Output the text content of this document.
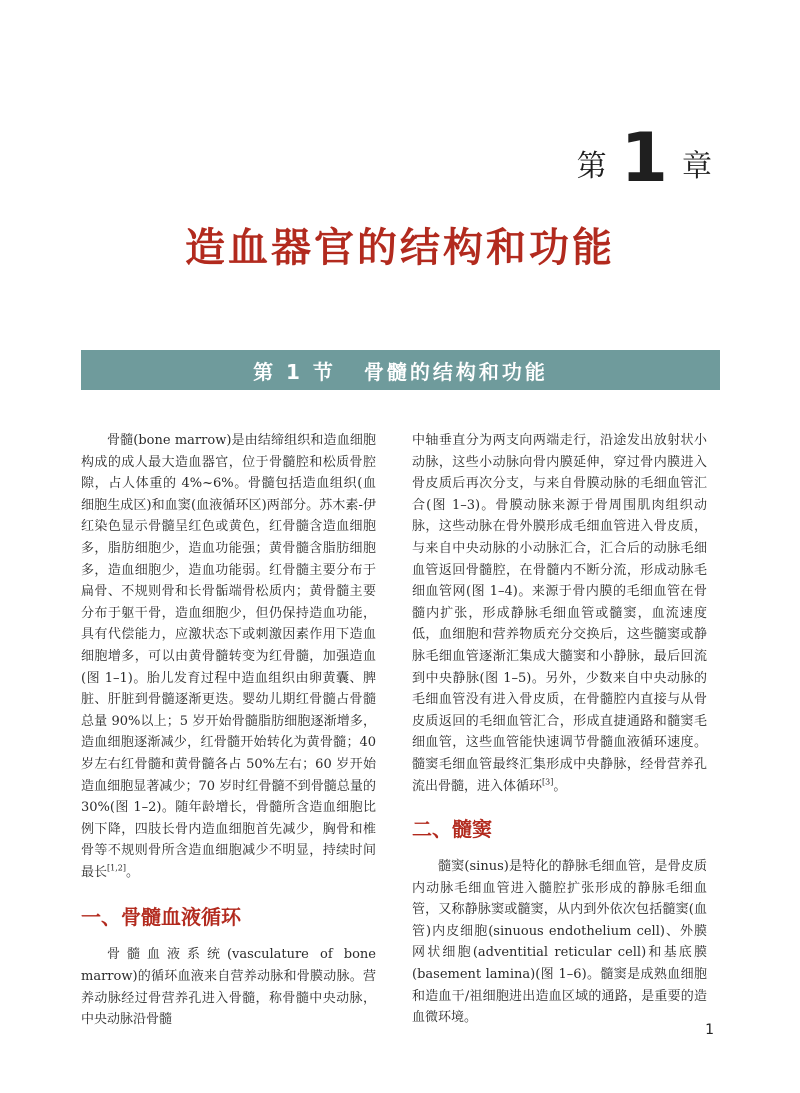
第 1 章
造血器官的结构和功能
第 1 节 骨髓的结构和功能

骨髓(bone marrow)是由结缔组织和造血细胞构成的成人最大造血器官，位于骨髓腔和松质骨腔隙，占人体重的 4%~6%。骨髓包括造血组织(血细胞生成区)和血窦(血液循环区)两部分。苏木素-伊红染色显示骨髓呈红色或黄色，红骨髓含造血细胞多，脂肪细胞少，造血功能强；黄骨髓含脂肪细胞多，造血细胞少，造血功能弱。红骨髓主要分布于扁骨、不规则骨和长骨骺端骨松质内；黄骨髓主要分布于躯干骨，造血细胞少，但仍保持造血功能，具有代偿能力，应激状态下或刺激因素作用下造血细胞增多，可以由黄骨髓转变为红骨髓，加强造血(图 1–1)。胎儿发育过程中造血组织由卵黄囊、脾脏、肝脏到骨髓逐渐更迭。婴幼儿期红骨髓占骨髓总量 90%以上；5 岁开始骨髓脂肪细胞逐渐增多，造血细胞逐渐减少，红骨髓开始转化为黄骨髓；40 岁左右红骨髓和黄骨髓各占 50%左右；60 岁开始造血细胞显著减少；70 岁时红骨髓不到骨髓总量的 30%(图 1–2)。随年龄增长，骨髓所含造血细胞比例下降，四肢长骨内造血细胞首先减少，胸骨和椎骨等不规则骨所含造血细胞减少不明显，持续时间最长[1,2]。

一、骨髓血液循环

骨髓血液系统(vasculature of bone marrow)的循环血液来自营养动脉和骨膜动脉。营养动脉经过骨营养孔进入骨髓，称骨髓中央动脉，中央动脉沿骨髓

中轴垂直分为两支向两端走行，沿途发出放射状小动脉，这些小动脉向骨内膜延伸，穿过骨内膜进入骨皮质后再次分支，与来自骨膜动脉的毛细血管汇合(图 1–3)。骨膜动脉来源于骨周围肌肉组织动脉，这些动脉在骨外膜形成毛细血管进入骨皮质，与来自中央动脉的小动脉汇合，汇合后的动脉毛细血管返回骨髓腔，在骨髓内不断分流，形成动脉毛细血管网(图 1–4)。来源于骨内膜的毛细血管在骨髓内扩张，形成静脉毛细血管或髓窦，血流速度低，血细胞和营养物质充分交换后，这些髓窦或静脉毛细血管逐渐汇集成大髓窦和小静脉，最后回流到中央静脉(图 1–5)。另外，少数来自中央动脉的毛细血管没有进入骨皮质，在骨髓腔内直接与从骨皮质返回的毛细血管汇合，形成直捷通路和髓窦毛细血管，这些血管能快速调节骨髓血液循环速度。髓窦毛细血管最终汇集形成中央静脉，经骨营养孔流出骨髓，进入体循环[3]。

二、髓窦

髓窦(sinus)是特化的静脉毛细血管，是骨皮质内动脉毛细血管进入髓腔扩张形成的静脉毛细血管，又称静脉窦或髓窦，从内到外依次包括髓窦(血管)内皮细胞(sinuous endothelium cell)、外膜网状细胞(adventitial reticular cell)和基底膜(basement lamina)(图 1–6)。髓窦是成熟血细胞和造血干/祖细胞进出造血区域的通路，是重要的造血微环境。

1
